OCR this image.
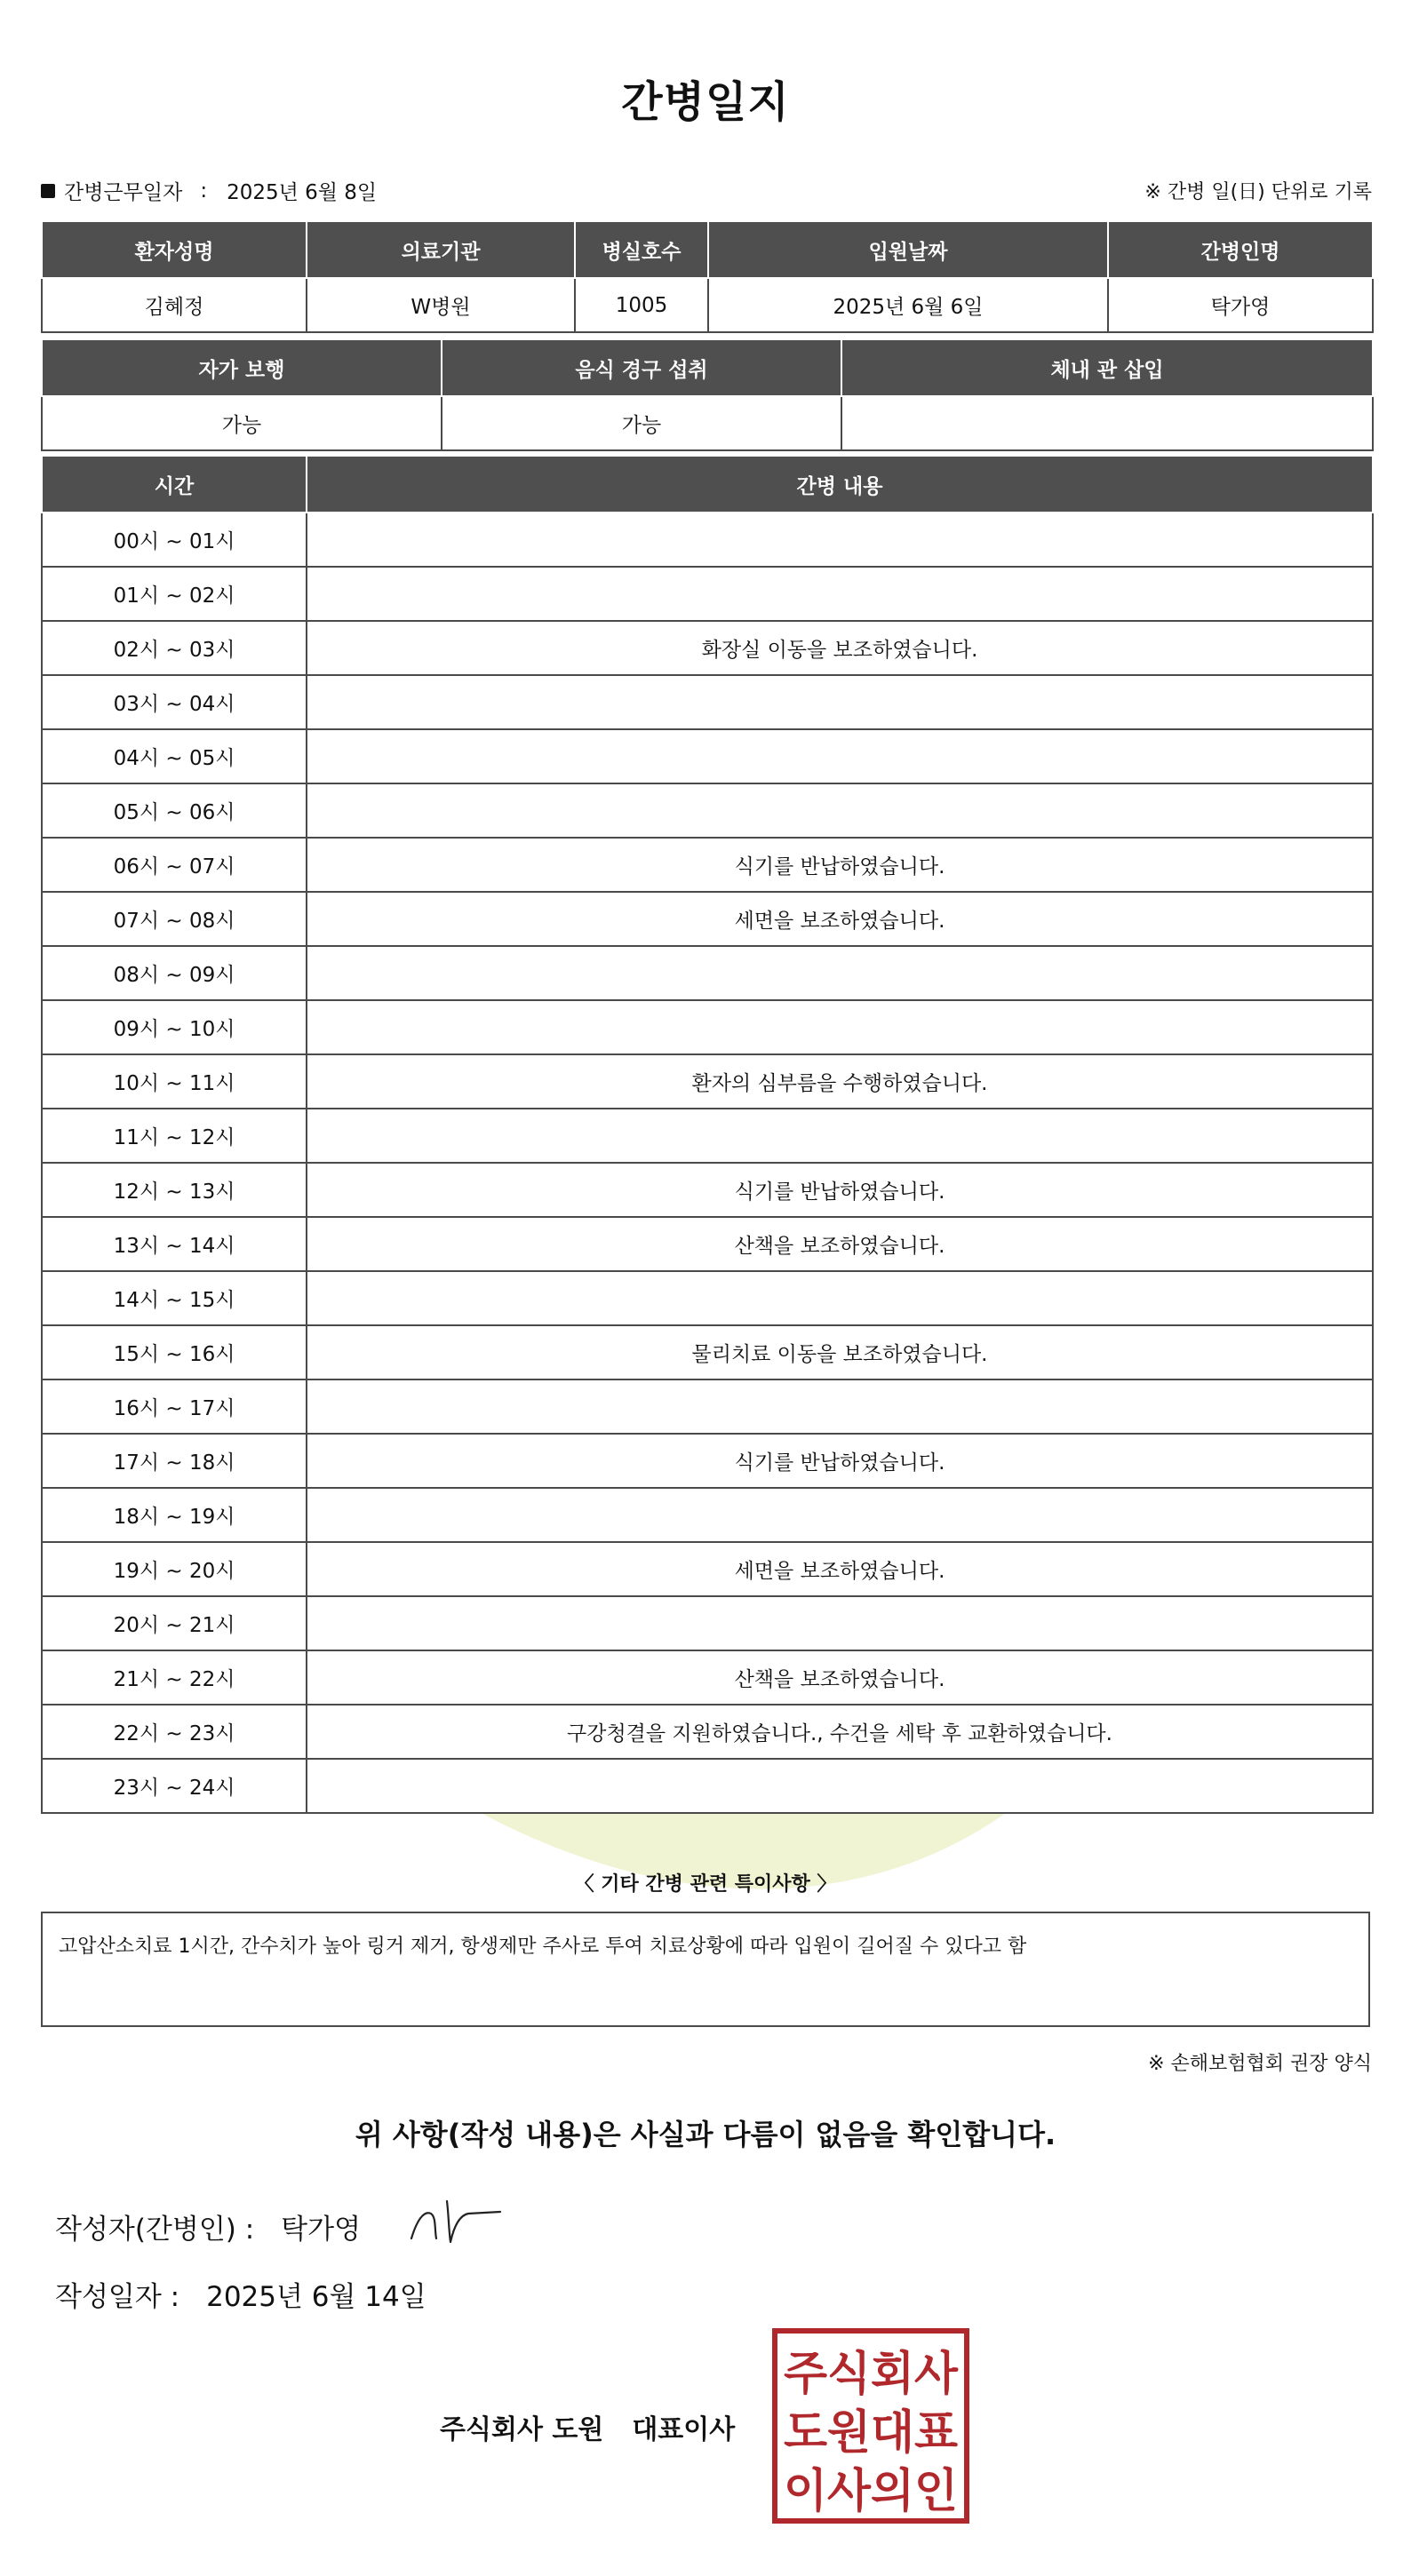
간병일지
간병근무일자 : 2025년 6월 8일	※ 간병 일(日) 단위로 기록
환자성명	의료기관	병실호수	입원날짜	간병인명
김혜정	W병원	1005	2025년 6월 6일	탁가영
자가 보행	음식 경구 섭취	체내 관 삽입
가능	가능	
시간	간병 내용
00시 ~ 01시	
01시 ~ 02시	
02시 ~ 03시	화장실 이동을 보조하였습니다.
03시 ~ 04시	
04시 ~ 05시	
05시 ~ 06시	
06시 ~ 07시	식기를 반납하였습니다.
07시 ~ 08시	세면을 보조하였습니다.
08시 ~ 09시	
09시 ~ 10시	
10시 ~ 11시	환자의 심부름을 수행하였습니다.
11시 ~ 12시	
12시 ~ 13시	식기를 반납하였습니다.
13시 ~ 14시	산책을 보조하였습니다.
14시 ~ 15시	
15시 ~ 16시	물리치료 이동을 보조하였습니다.
16시 ~ 17시	
17시 ~ 18시	식기를 반납하였습니다.
18시 ~ 19시	
19시 ~ 20시	세면을 보조하였습니다.
20시 ~ 21시	
21시 ~ 22시	산책을 보조하였습니다.
22시 ~ 23시	구강청결을 지원하였습니다., 수건을 세탁 후 교환하였습니다.
23시 ~ 24시	
〈 기타 간병 관련 특이사항 〉
고압산소치료 1시간, 간수치가 높아 링거 제거, 항생제만 주사로 투여 치료상황에 따라 입원이 길어질 수 있다고 함
※ 손해보험협회 권장 양식
위 사항(작성 내용)은 사실과 다름이 없음을 확인합니다.
작성자(간병인) : 탁가영
작성일자 : 2025년 6월 14일
주식회사 도원 대표이사
주식회사
도원대표
이사의인
